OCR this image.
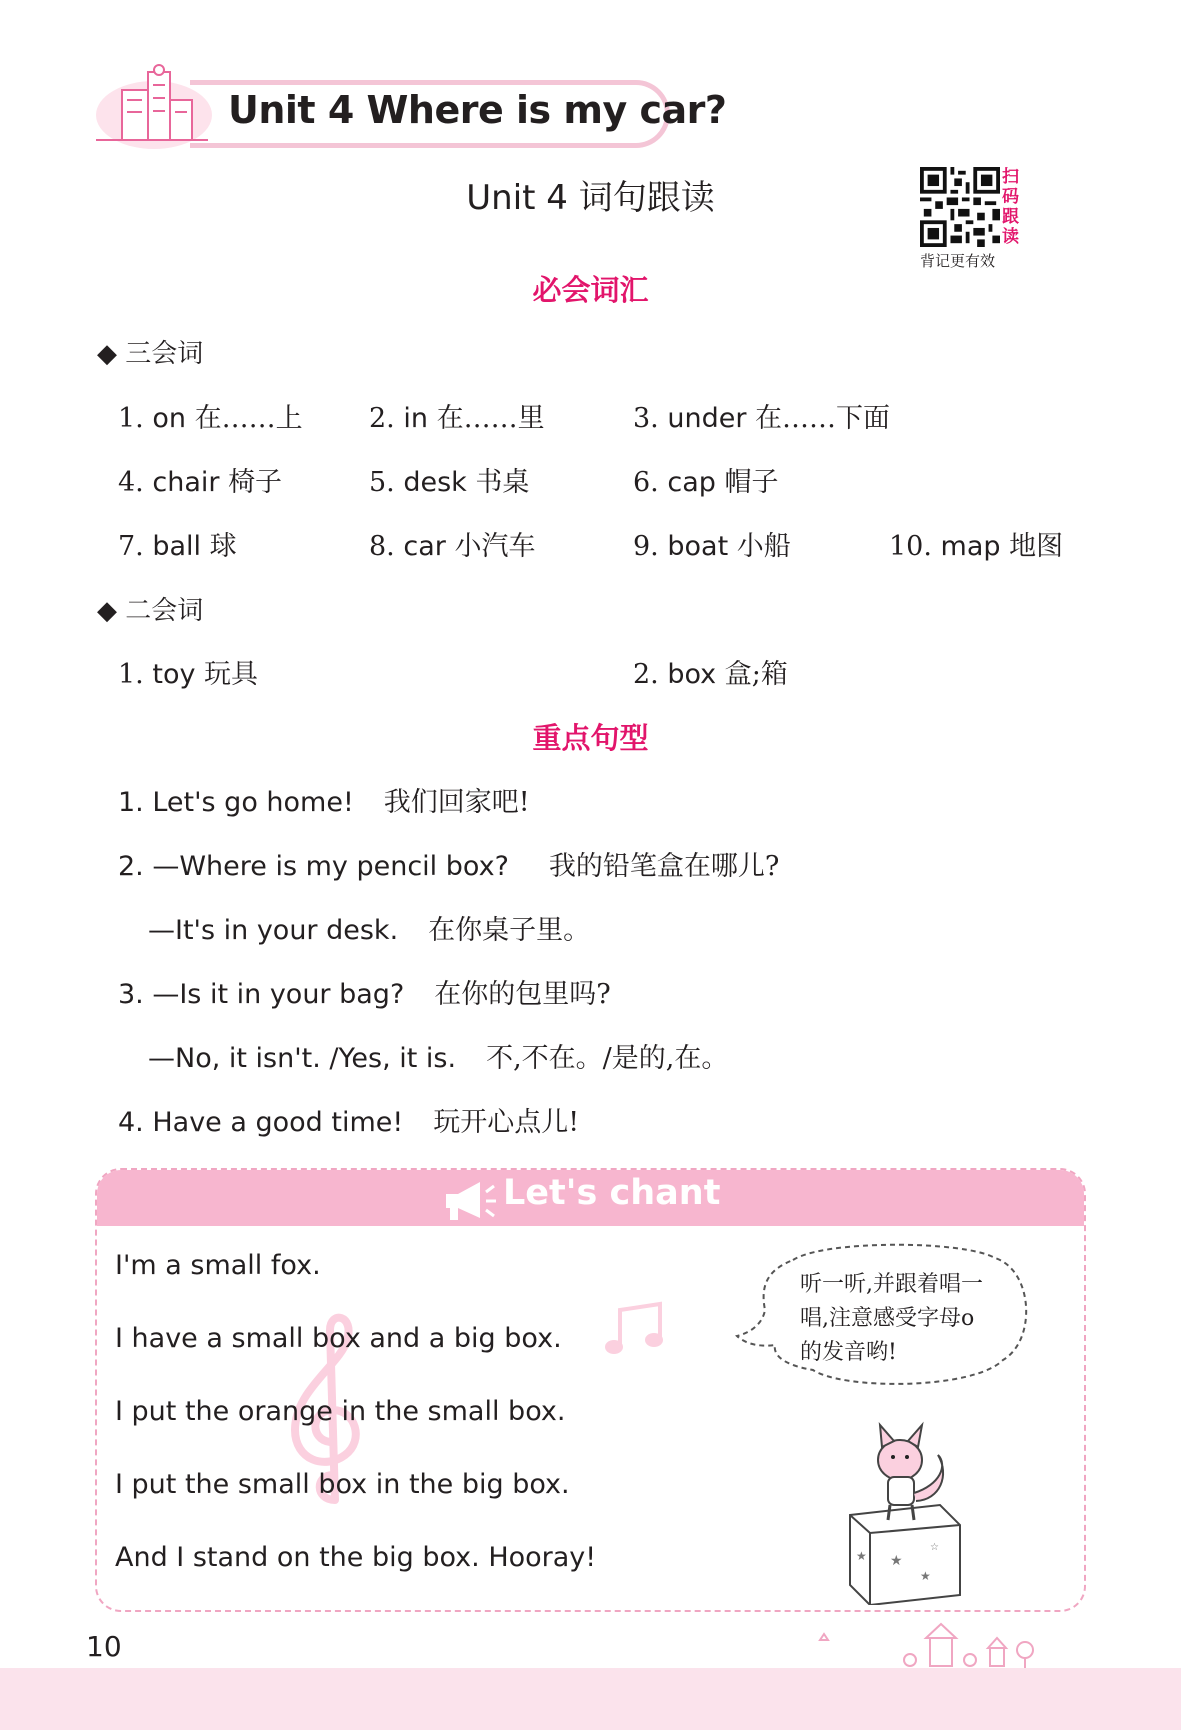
Unit 4 Where is my car?
Unit 4 词句跟读
扫码跟读
背记更有效
必会词汇
◆ 三会词
1. on 在……上 2. in 在……里	3. under 在……下面
4. chair 椅子	5. desk 书桌	6. cap 帽子
7. ball 球	8. car 小汽车	9. boat 小船	10. map 地图
◆ 二会词
1. toy 玩具	2. box 盒;箱
重点句型
1. Let's go home! 我们回家吧!
2. —Where is my pencil box? 我的铅笔盒在哪儿?
—It's in your desk. 在你桌子里。
3. —Is it in your bag? 在你的包里吗?
—No, it isn't. /Yes, it is. 不,不在。/是的,在。
4. Have a good time! 玩开心点儿!
Let's chant
I'm a small fox.
I have a small box and a big box.
I put the orange in the small box.
I put the small box in the big box.
And I stand on the big box. Hooray!
听一听,并跟着唱一
唱,注意感受字母o
的发音哟!
★
★
★
☆
10
